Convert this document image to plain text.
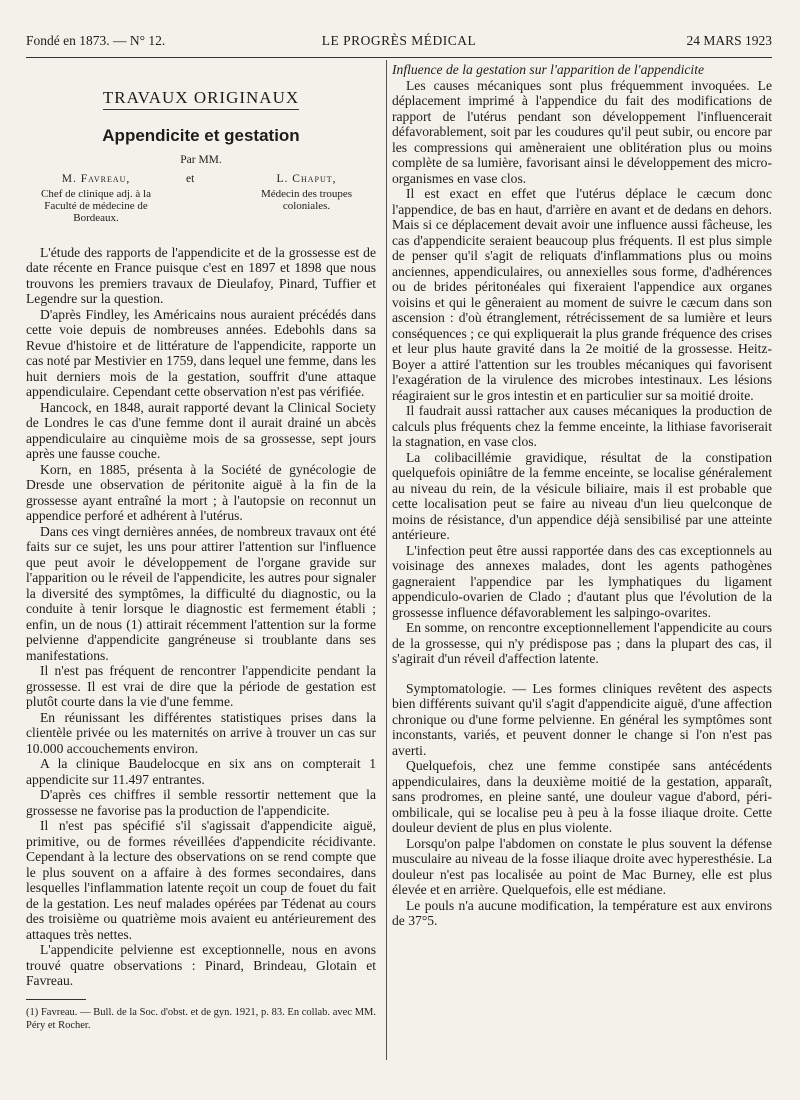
Fondé en 1873. — N° 12.	LE PROGRÈS MÉDICAL	24 MARS 1923
TRAVAUX ORIGINAUX
Appendicite et gestation
Par MM.
M. Favreau,
Chef de clinique adj. à la Faculté de médecine de Bordeaux.
et	L. Chaput,
Médecin des troupes coloniales.

L'étude des rapports de l'appendicite et de la grossesse est de date récente en France puisque c'est en 1897 et 1898 que nous trouvons les premiers travaux de Dieulafoy, Pinard, Tuffier et Legendre sur la question.

D'après Findley, les Américains nous auraient précédés dans cette voie depuis de nombreuses années. Edebohls dans sa Revue d'histoire et de littérature de l'appendicite, rapporte un cas noté par Mestivier en 1759, dans lequel une femme, dans les huit derniers mois de la gestation, souffrit d'une attaque appendiculaire. Cependant cette observation n'est pas vérifiée.

Hancock, en 1848, aurait rapporté devant la Clinical Society de Londres le cas d'une femme dont il aurait drainé un abcès appendiculaire au cinquième mois de sa grossesse, sept jours après une fausse couche.

Korn, en 1885, présenta à la Société de gynécologie de Dresde une observation de péritonite aiguë à la fin de la grossesse ayant entraîné la mort ; à l'autopsie on reconnut un appendice perforé et adhérent à l'utérus.

Dans ces vingt dernières années, de nombreux travaux ont été faits sur ce sujet, les uns pour attirer l'attention sur l'influence que peut avoir le développement de l'organe gravide sur l'apparition ou le réveil de l'appendicite, les autres pour signaler la diversité des symptômes, la difficulté du diagnostic, ou la conduite à tenir lorsque le diagnostic est fermement établi ; enfin, un de nous (1) attirait récemment l'attention sur la forme pelvienne d'appendicite gangréneuse si troublante dans ses manifestations.

Il n'est pas fréquent de rencontrer l'appendicite pendant la grossesse. Il est vrai de dire que la période de gestation est plutôt courte dans la vie d'une femme.

En réunissant les différentes statistiques prises dans la clientèle privée ou les maternités on arrive à trouver un cas sur 10.000 accouchements environ.

A la clinique Baudelocque en six ans on compterait 1 appendicite sur 11.497 entrantes.

D'après ces chiffres il semble ressortir nettement que la grossesse ne favorise pas la production de l'appendicite.

Il n'est pas spécifié s'il s'agissait d'appendicite aiguë, primitive, ou de formes réveillées d'appendicite récidivante. Cependant à la lecture des observations on se rend compte que le plus souvent on a affaire à des formes secondaires, dans lesquelles l'inflammation latente reçoit un coup de fouet du fait de la gestation. Les neuf malades opérées par Tédenat au cours des troisième ou quatrième mois avaient eu antérieurement des attaques très nettes.

L'appendicite pelvienne est exceptionnelle, nous en avons trouvé quatre observations : Pinard, Brindeau, Glotain et Favreau.

(1) Favreau. — Bull. de la Soc. d'obst. et de gyn. 1921, p. 83. En collab. avec MM. Péry et Rocher.

Influence de la gestation sur l'apparition de l'appendicite

Les causes mécaniques sont plus fréquemment invoquées. Le déplacement imprimé à l'appendice du fait des modifications de rapport de l'utérus pendant son développement l'influencerait défavorablement, soit par les coudures qu'il peut subir, ou encore par les compressions qui amèneraient une oblitération plus ou moins complète de sa lumière, favorisant ainsi le développement des micro-organismes en vase clos.

Il est exact en effet que l'utérus déplace le cæcum donc l'appendice, de bas en haut, d'arrière en avant et de dedans en dehors. Mais si ce déplacement devait avoir une influence aussi fâcheuse, les cas d'appendicite seraient beaucoup plus fréquents. Il est plus simple de penser qu'il s'agit de reliquats d'inflammations plus ou moins anciennes, appendiculaires, ou annexielles sous forme, d'adhérences ou de brides péritonéales qui fixeraient l'appendice aux organes voisins et qui le gêneraient au moment de suivre le cæcum dans son ascension : d'où étranglement, rétrécissement de sa lumière et leurs conséquences ; ce qui expliquerait la plus grande fréquence des crises et leur plus haute gravité dans la 2e moitié de la grossesse. Heitz-Boyer a attiré l'attention sur les troubles mécaniques qui favorisent l'exagération de la virulence des microbes intestinaux. Les lésions réagiraient sur le gros intestin et en particulier sur sa moitié droite.

Il faudrait aussi rattacher aux causes mécaniques la production de calculs plus fréquents chez la femme enceinte, la lithiase favoriserait la stagnation, en vase clos.

La colibacillémie gravidique, résultat de la constipation quelquefois opiniâtre de la femme enceinte, se localise généralement au niveau du rein, de la vésicule biliaire, mais il est probable que cette localisation peut se faire au niveau d'un lieu quelconque de moins de résistance, d'un appendice déjà sensibilisé par une atteinte antérieure.

L'infection peut être aussi rapportée dans des cas exceptionnels au voisinage des annexes malades, dont les agents pathogènes gagneraient l'appendice par les lymphatiques du ligament appendiculo-ovarien de Clado ; d'autant plus que l'évolution de la grossesse influence défavorablement les salpingo-ovarites.

En somme, on rencontre exceptionnellement l'appendicite au cours de la grossesse, qui n'y prédispose pas ; dans la plupart des cas, il s'agirait d'un réveil d'affection latente.

Symptomatologie. — Les formes cliniques revêtent des aspects bien différents suivant qu'il s'agit d'appendicite aiguë, d'une affection chronique ou d'une forme pelvienne. En général les symptômes sont inconstants, variés, et peuvent donner le change si l'on n'est pas averti.

Quelquefois, chez une femme constipée sans antécédents appendiculaires, dans la deuxième moitié de la gestation, apparaît, sans prodromes, en pleine santé, une douleur vague d'abord, péri-ombilicale, qui se localise peu à peu à la fosse iliaque droite. Cette douleur devient de plus en plus violente.

Lorsqu'on palpe l'abdomen on constate le plus souvent la défense musculaire au niveau de la fosse iliaque droite avec hyperesthésie. La douleur n'est pas localisée au point de Mac Burney, elle est plus élevée et en arrière. Quelquefois, elle est médiane.

Le pouls n'a aucune modification, la température est aux environs de 37°5.
